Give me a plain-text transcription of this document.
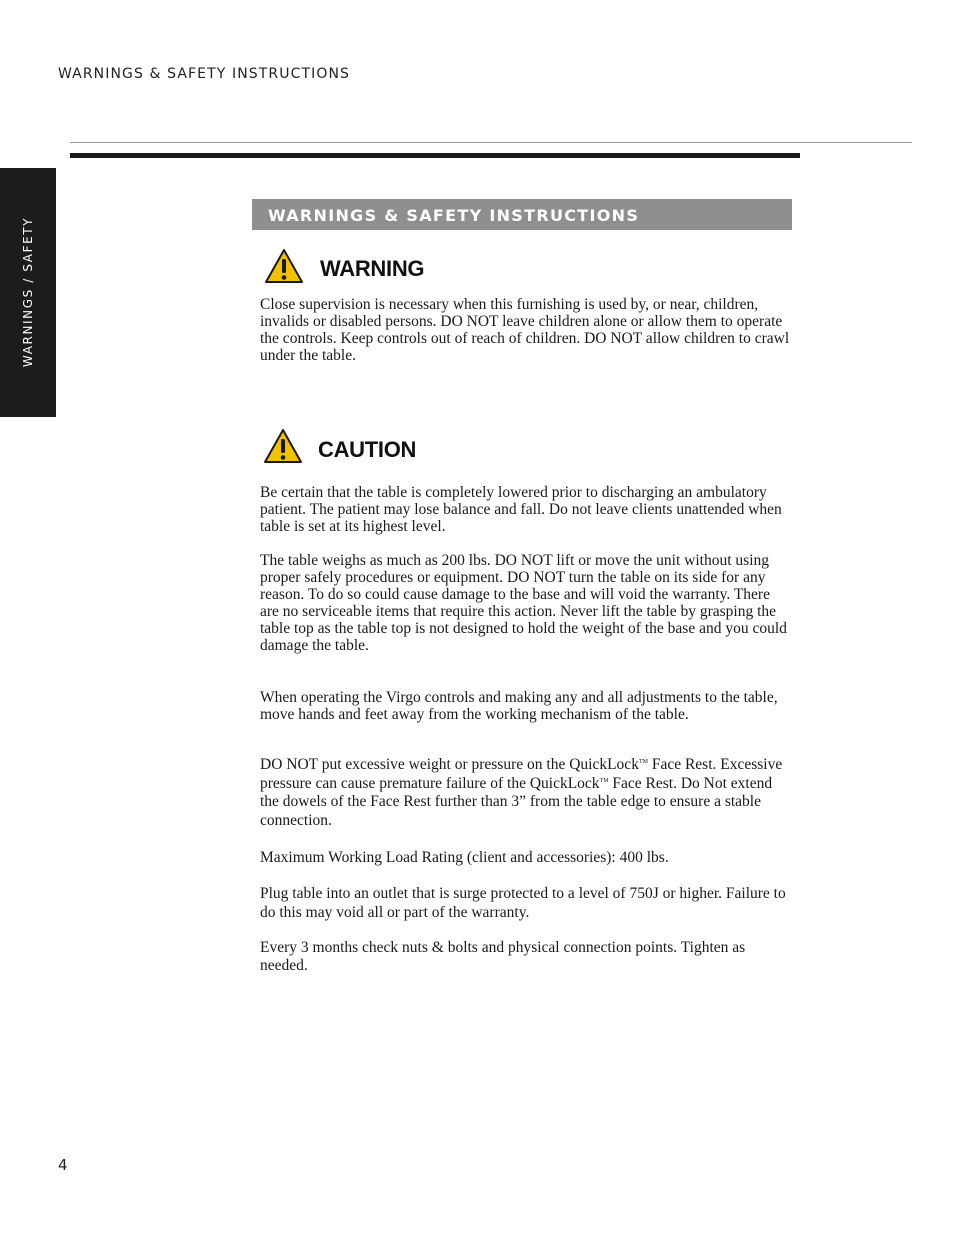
WARNINGS & SAFETY INSTRUCTIONS
WARNINGS / SAFETY
WARNINGS & SAFETY INSTRUCTIONS
WARNING

Close supervision is necessary when this furnishing is used by, or near, children, invalids or disabled persons. DO NOT leave children alone or allow them to operate the controls. Keep controls out of reach of children. DO NOT allow children to crawl under the table.

CAUTION

Be certain that the table is completely lowered prior to discharging an ambulatory patient. The patient may lose balance and fall. Do not leave clients unattended when table is set at its highest level.

The table weighs as much as 200 lbs. DO NOT lift or move the unit without using proper safely procedures or equipment. DO NOT turn the table on its side for any reason. To do so could cause damage to the base and will void the warranty. There are no serviceable items that require this action. Never lift the table by grasping the table top as the table top is not designed to hold the weight of the base and you could damage the table.

When operating the Virgo controls and making any and all adjustments to the table, move hands and feet away from the working mechanism of the table.

DO NOT put excessive weight or pressure on the QuickLock™ Face Rest. Excessive pressure can cause premature failure of the QuickLock™ Face Rest. Do Not extend the dowels of the Face Rest further than 3” from the table edge to ensure a stable connection.

Maximum Working Load Rating (client and accessories): 400 lbs.

Plug table into an outlet that is surge protected to a level of 750J or higher. Failure to do this may void all or part of the warranty.

Every 3 months check nuts & bolts and physical connection points. Tighten as needed.

4
